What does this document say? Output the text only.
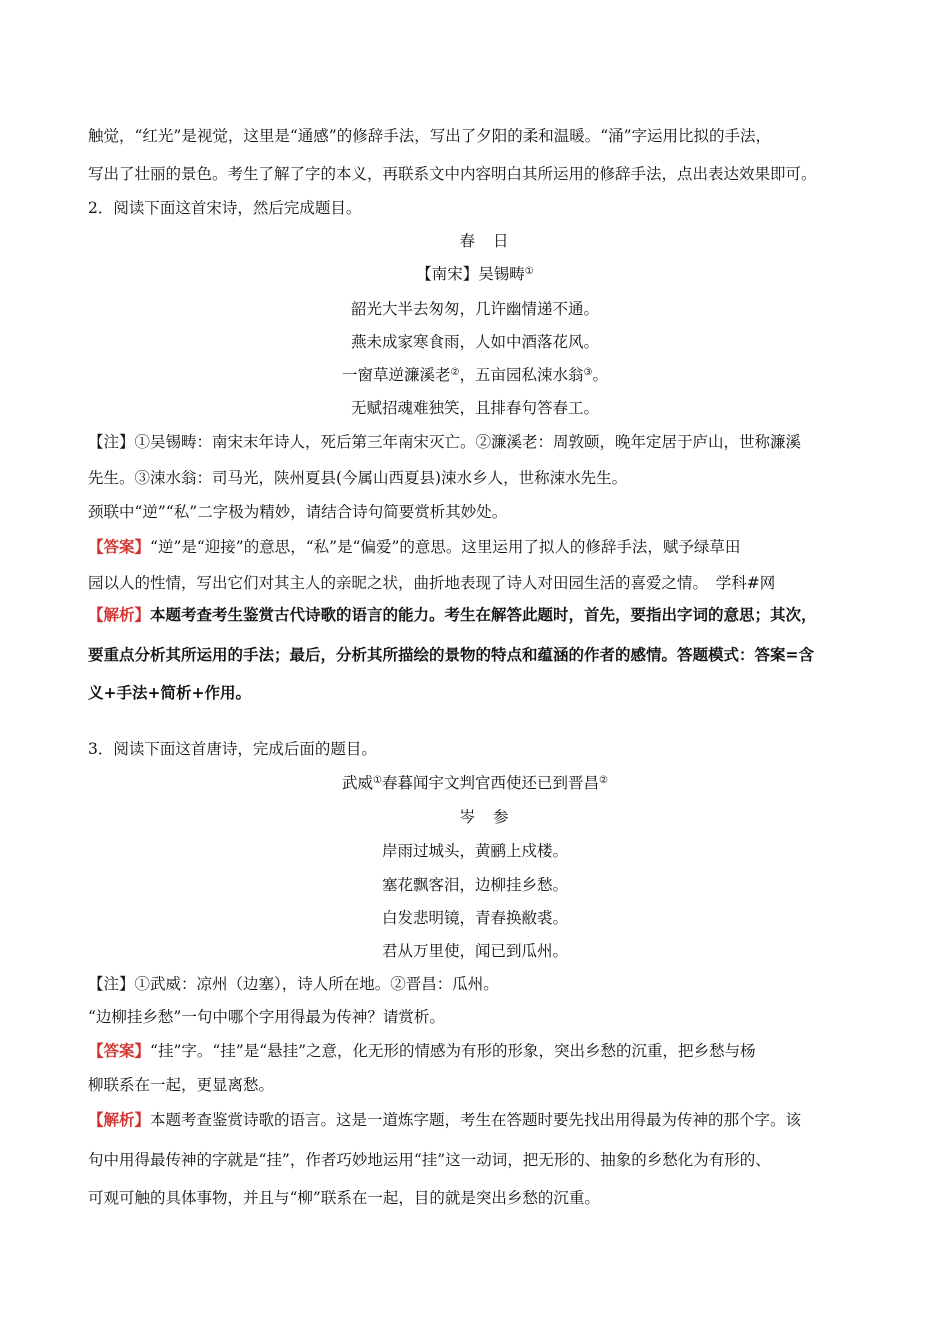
触觉，“红光”是视觉，这里是“通感”的修辞手法，写出了夕阳的柔和温暖。“涌”字运用比拟的手法，
写出了壮丽的景色。考生了解了字的本义，再联系文中内容明白其所运用的修辞手法，点出表达效果即可。
2．阅读下面这首宋诗，然后完成题目。
春日
【南宋】吴锡畴①
韶光大半去匆匆，几许幽情递不通。
燕未成家寒食雨，人如中酒落花风。
一窗草逆濂溪老②，五亩园私涑水翁③。
无赋招魂难独笑，且排春句答春工。
【注】①吴锡畴：南宋末年诗人，死后第三年南宋灭亡。②濂溪老：周敦颐，晚年定居于庐山，世称濂溪
先生。③涑水翁：司马光，陕州夏县(今属山西夏县)涑水乡人，世称涑水先生。
颈联中“逆”“私”二字极为精妙，请结合诗句简要赏析其妙处。
【答案】“逆”是“迎接”的意思，“私”是“偏爱”的意思。这里运用了拟人的修辞手法，赋予绿草田
园以人的性情，写出它们对其主人的亲昵之状，曲折地表现了诗人对田园生活的喜爱之情。　学科#网
【解析】本题考查考生鉴赏古代诗歌的语言的能力。考生在解答此题时，首先，要指出字词的意思；其次，
要重点分析其所运用的手法；最后，分析其所描绘的景物的特点和蕴涵的作者的感情。答题模式：答案=含
义+手法+简析+作用。
3．阅读下面这首唐诗，完成后面的题目。
武威①春暮闻宇文判官西使还已到晋昌②
岑参
岸雨过城头，黄鹂上戍楼。
塞花飘客泪，边柳挂乡愁。
白发悲明镜，青春换敝裘。
君从万里使，闻已到瓜州。
【注】①武威：凉州（边塞），诗人所在地。②晋昌：瓜州。
“边柳挂乡愁”一句中哪个字用得最为传神？请赏析。
【答案】“挂”字。“挂”是“悬挂”之意，化无形的情感为有形的形象，突出乡愁的沉重，把乡愁与杨
柳联系在一起，更显离愁。
【解析】本题考查鉴赏诗歌的语言。这是一道炼字题，考生在答题时要先找出用得最为传神的那个字。该
句中用得最传神的字就是“挂”，作者巧妙地运用“挂”这一动词，把无形的、抽象的乡愁化为有形的、
可观可触的具体事物，并且与“柳”联系在一起，目的就是突出乡愁的沉重。
